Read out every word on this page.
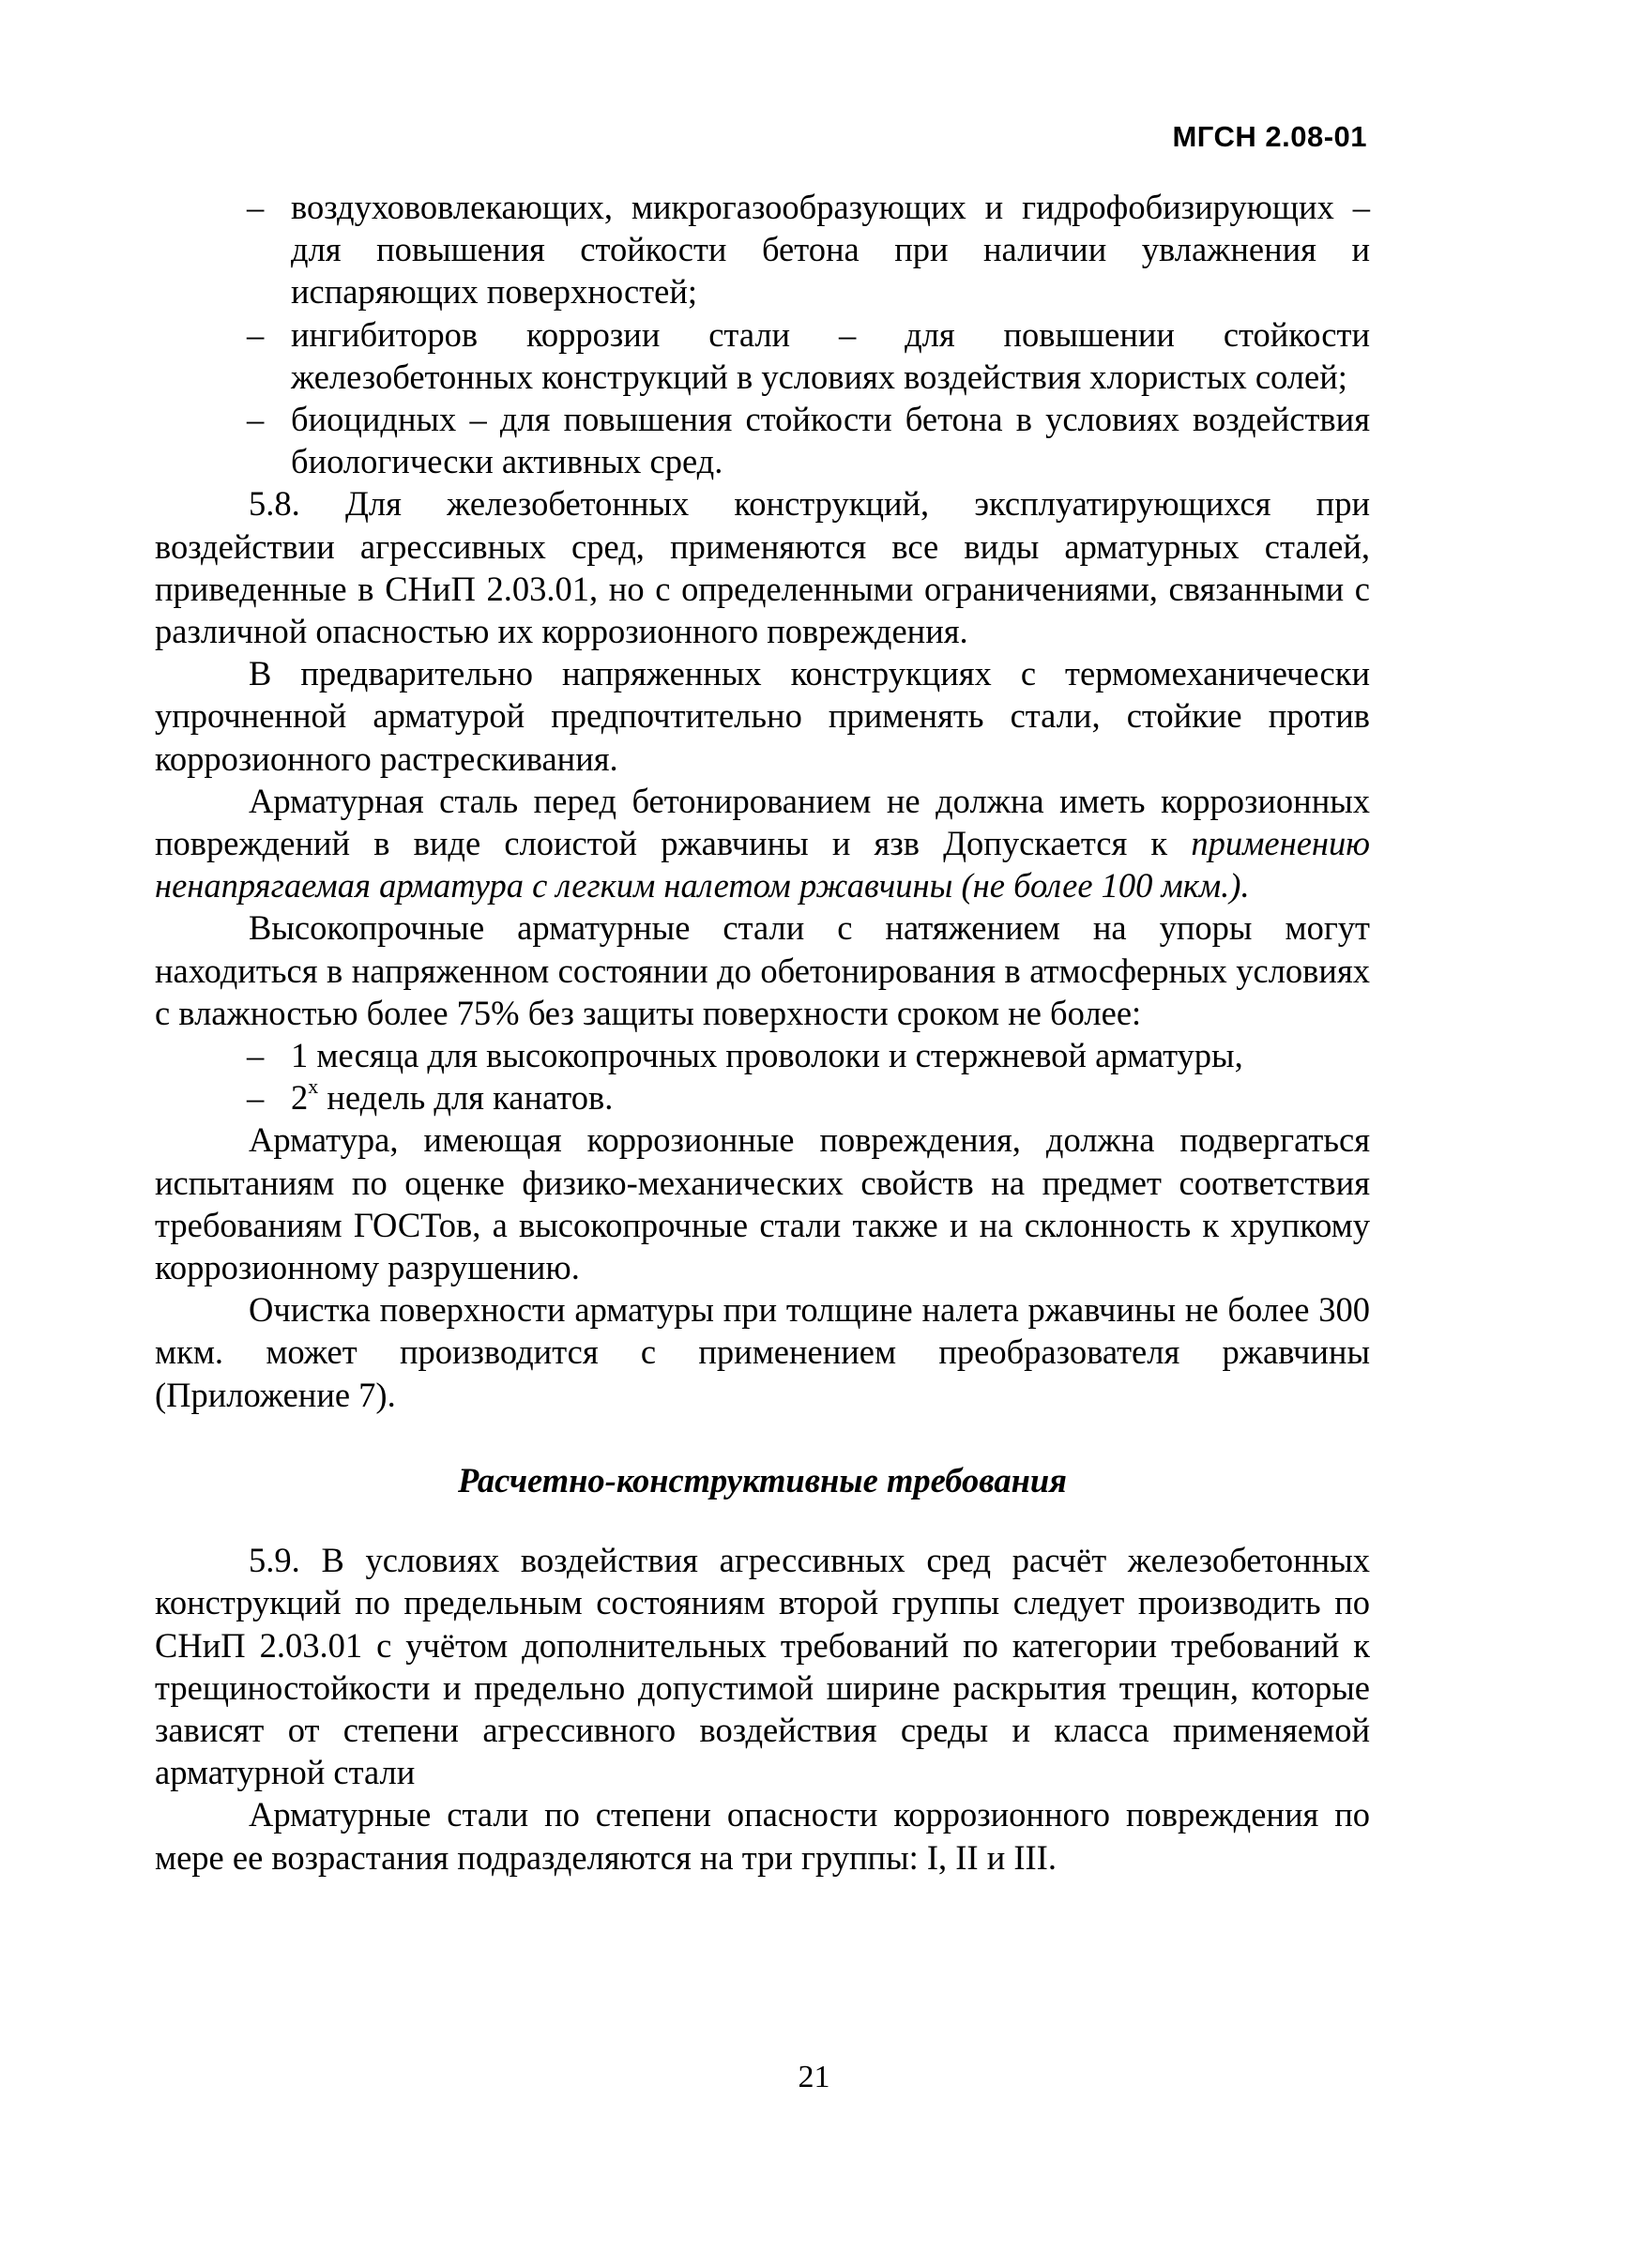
МГСН 2.08-01
– воздухововлекающих, микрогазообразующих и гидрофобизирующих – для повышения стойкости бетона при наличии увлажнения и испаряющих поверхностей;
– ингибиторов коррозии стали – для повышении стойкости железобетонных конструкций в условиях воздействия хлористых солей;
– биоцидных – для повышения стойкости бетона в условиях воздействия биологически активных сред.

5.8. Для железобетонных конструкций, эксплуатирующихся при воздействии агрессивных сред, применяются все виды арматурных сталей, приведенные в СНиП 2.03.01, но с определенными ограничениями, связанными с различной опасностью их коррозионного повреждения.

В предварительно напряженных конструкциях с термомеханичечески упрочненной арматурой предпочтительно применять стали, стойкие против коррозионного растрескивания.

Арматурная сталь перед бетонированием не должна иметь коррозионных повреждений в виде слоистой ржавчины и язв Допускается к применению ненапрягаемая арматура с легким налетом ржавчины (не более 100 мкм.).

Высокопрочные арматурные стали с натяжением на упоры могут находиться в напряженном состоянии до обетонирования в атмосферных условиях с влажностью более 75% без защиты поверхности сроком не более:

– 1 месяца для высокопрочных проволоки и стержневой арматуры,
– $2^х$ недель для канатов.

Арматура, имеющая коррозионные повреждения, должна подвергаться испытаниям по оценке физико-механических свойств на предмет соответствия требованиям ГОСТов, а высокопрочные стали также и на склонность к хрупкому коррозионному разрушению.

Очистка поверхности арматуры при толщине налета ржавчины не более 300 мкм. может производится с применением преобразователя ржавчины (Приложение 7).

Расчетно-конструктивные требования

5.9. В условиях воздействия агрессивных сред расчёт железобетонных конструкций по предельным состояниям второй группы следует производить по СНиП 2.03.01 с учётом дополнительных требований по категории требований к трещиностойкости и предельно допустимой ширине раскрытия трещин, которые зависят от степени агрессивного воздействия среды и класса применяемой арматурной стали

Арматурные стали по степени опасности коррозионного повреждения по мере ее возрастания подразделяются на три группы: I, II и III.

21
